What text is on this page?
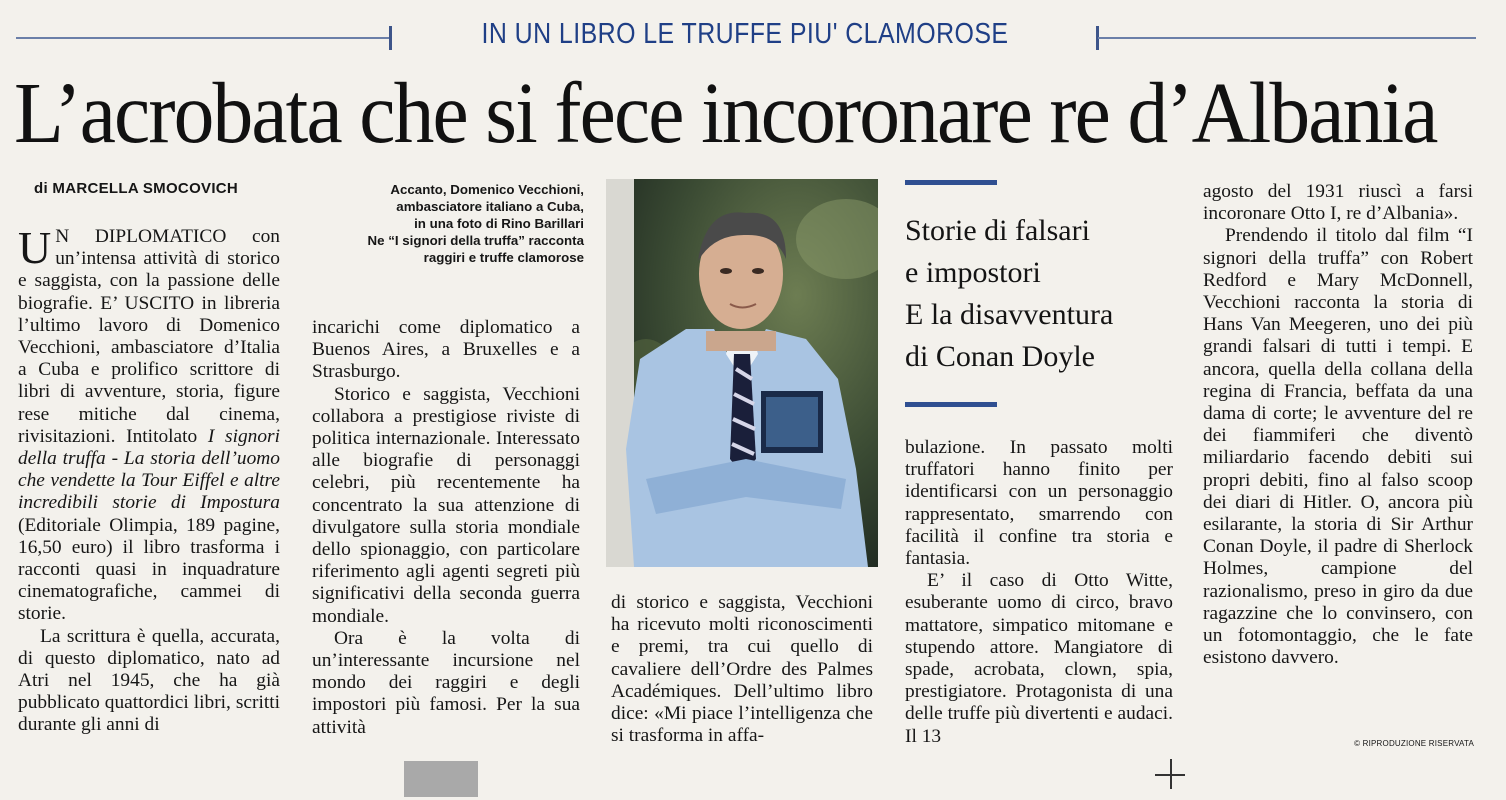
IN UN LIBRO LE TRUFFE PIU' CLAMOROSE
L’acrobata che si fece incoronare re d’Albania
di MARCELLA SMOCOVICH

U N DIPLOMATICO con un’intensa attività di storico e saggista, con la passione delle biografie. E’ USCITO in libreria l’ultimo lavoro di Domenico Vecchioni, ambasciatore d’Italia a Cuba e prolifico scrittore di libri di avventure, storia, figure rese mitiche dal cinema, rivisitazioni. Intitolato I signori della truffa - La storia dell’uomo che vendette la Tour Eiffel e altre incredibili storie di Impostura (Editoriale Olimpia, 189 pagine, 16,50 euro) il libro trasforma i racconti quasi in inquadrature cinematografiche, cammei di storie.

La scrittura è quella, accurata, di questo diplomatico, nato ad Atri nel 1945, che ha già pubblicato quattordici libri, scritti durante gli anni di

Accanto, Domenico Vecchioni,
ambasciatore italiano a Cuba,
in una foto di Rino Barillari
Ne “I signori della truffa” racconta
raggiri e truffe clamorose

incarichi come diplomatico a Buenos Aires, a Bruxelles e a Strasburgo.

Storico e saggista, Vecchioni collabora a prestigiose riviste di politica internazionale. Interessato alle biografie di personaggi celebri, più recentemente ha concentrato la sua attenzione di divulgatore sulla storia mondiale dello spionaggio, con particolare riferimento agli agenti segreti più significativi della seconda guerra mondiale.

Ora è la volta di un’interessante incursione nel mondo dei raggiri e degli impostori più famosi. Per la sua attività

di storico e saggista, Vecchioni ha ricevuto molti riconoscimenti e premi, tra cui quello di cavaliere dell’Ordre des Palmes Académiques. Dell’ultimo libro dice: «Mi piace l’intelligenza che si trasforma in affa-

Storie di falsari
e impostori
E la disavventura
di Conan Doyle

bulazione. In passato molti truffatori hanno finito per identificarsi con un personaggio rappresentato, smarrendo con facilità il confine tra storia e fantasia.

E’ il caso di Otto Witte, esuberante uomo di circo, bravo mattatore, simpatico mitomane e stupendo attore. Mangiatore di spade, acrobata, clown, spia, prestigiatore. Protagonista di una delle truffe più divertenti e audaci. Il 13

agosto del 1931 riuscì a farsi incoronare Otto I, re d’Albania».

Prendendo il titolo dal film “I signori della truffa” con Robert Redford e Mary McDonnell, Vecchioni racconta la storia di Hans Van Meegeren, uno dei più grandi falsari di tutti i tempi. E ancora, quella della collana della regina di Francia, beffata da una dama di corte; le avventure del re dei fiammiferi che diventò miliardario facendo debiti sui propri debiti, fino al falso scoop dei diari di Hitler. O, ancora più esilarante, la storia di Sir Arthur Conan Doyle, il padre di Sherlock Holmes, campione del razionalismo, preso in giro da due ragazzine che lo convinsero, con un fotomontaggio, che le fate esistono davvero.

© RIPRODUZIONE RISERVATA
